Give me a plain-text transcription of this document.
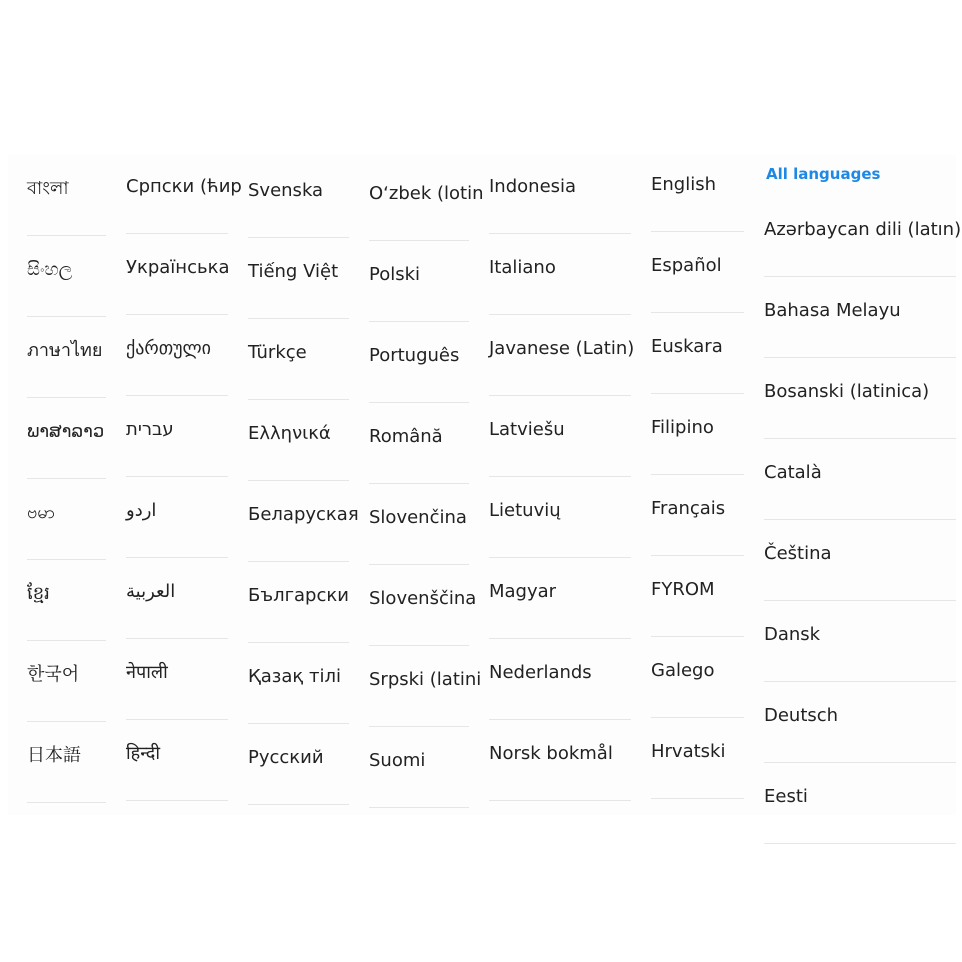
বাংলা
සිංහල
ภาษาไทย
ພາສາລາວ
ဗမာ
ខ្មែរ
한국어
日本語
Српски (ћир
Українська
ქართული
עברית
اردو
العربية
नेपाली
हिन्दी
Svenska
Tiếng Việt
Türkçe
Ελληνικά
Беларуская
Български
Қазақ тілі
Русский
Oʻzbek (lotin
Polski
Português
Română
Slovenčina
Slovenščina
Srpski (latini
Suomi
Indonesia
Italiano
Javanese (Latin)
Latviešu
Lietuvių
Magyar
Nederlands
Norsk bokmål
English
Español
Euskara
Filipino
Français
FYROM
Galego
Hrvatski
All languages
Azərbaycan dili (latın)
Bahasa Melayu
Bosanski (latinica)
Català
Čeština
Dansk
Deutsch
Eesti
